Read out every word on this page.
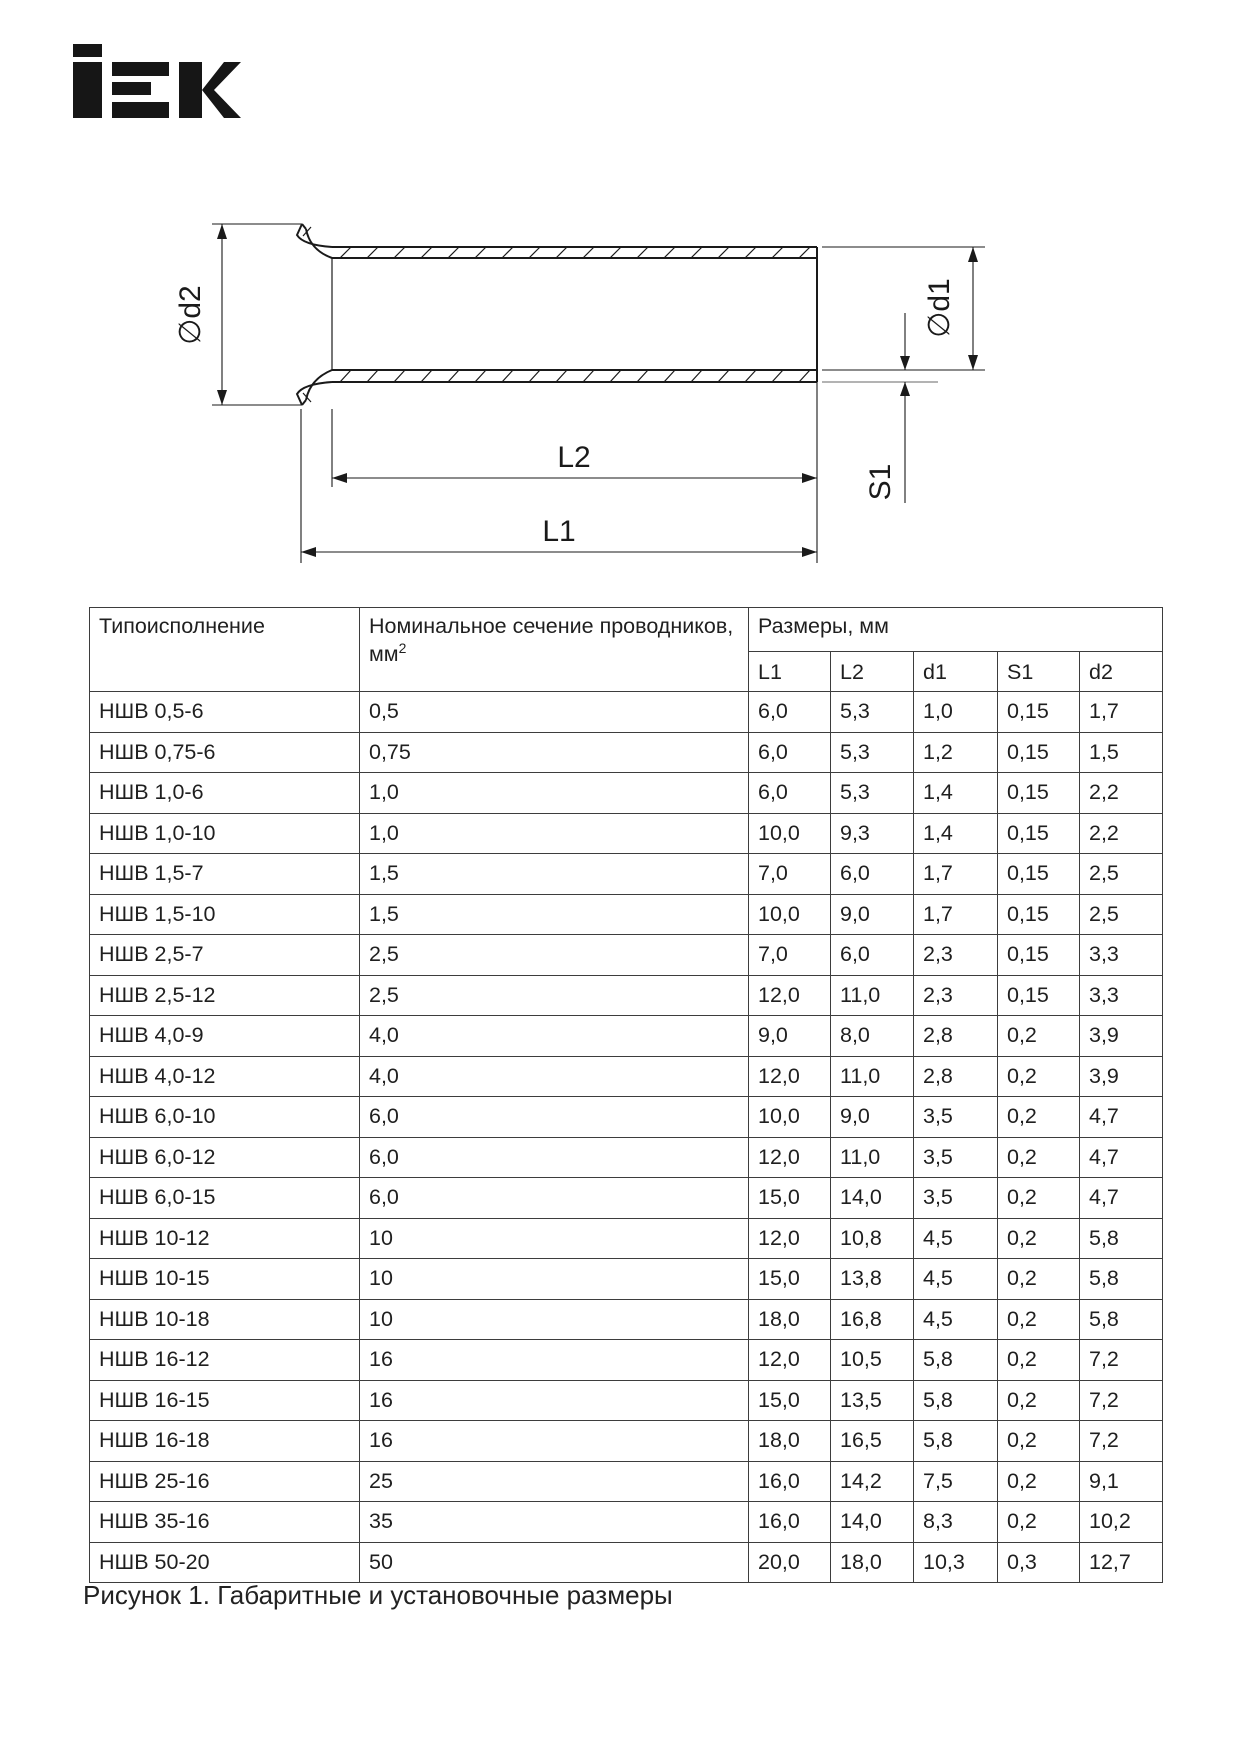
∅d2	∅d1
S1
L2
L1
Типоисполнение	Номинальное сечение проводников, $мм^2$	Размеры, мм				
		L1	L2	d1	S1	d2
НШВ 0,5-6	0,5	6,0	5,3	1,0	0,15	1,7
НШВ 0,75-6	0,75	6,0	5,3	1,2	0,15	1,5
НШВ 1,0-6	1,0	6,0	5,3	1,4	0,15	2,2
НШВ 1,0-10	1,0	10,0	9,3	1,4	0,15	2,2
НШВ 1,5-7	1,5	7,0	6,0	1,7	0,15	2,5
НШВ 1,5-10	1,5	10,0	9,0	1,7	0,15	2,5
НШВ 2,5-7	2,5	7,0	6,0	2,3	0,15	3,3
НШВ 2,5-12	2,5	12,0	11,0	2,3	0,15	3,3
НШВ 4,0-9	4,0	9,0	8,0	2,8	0,2	3,9
НШВ 4,0-12	4,0	12,0	11,0	2,8	0,2	3,9
НШВ 6,0-10	6,0	10,0	9,0	3,5	0,2	4,7
НШВ 6,0-12	6,0	12,0	11,0	3,5	0,2	4,7
НШВ 6,0-15	6,0	15,0	14,0	3,5	0,2	4,7
НШВ 10-12	10	12,0	10,8	4,5	0,2	5,8
НШВ 10-15	10	15,0	13,8	4,5	0,2	5,8
НШВ 10-18	10	18,0	16,8	4,5	0,2	5,8
НШВ 16-12	16	12,0	10,5	5,8	0,2	7,2
НШВ 16-15	16	15,0	13,5	5,8	0,2	7,2
НШВ 16-18	16	18,0	16,5	5,8	0,2	7,2
НШВ 25-16	25	16,0	14,2	7,5	0,2	9,1
НШВ 35-16	35	16,0	14,0	8,3	0,2	10,2
НШВ 50-20	50	20,0	18,0	10,3	0,3	12,7
Рисунок 1. Габаритные и установочные размеры
